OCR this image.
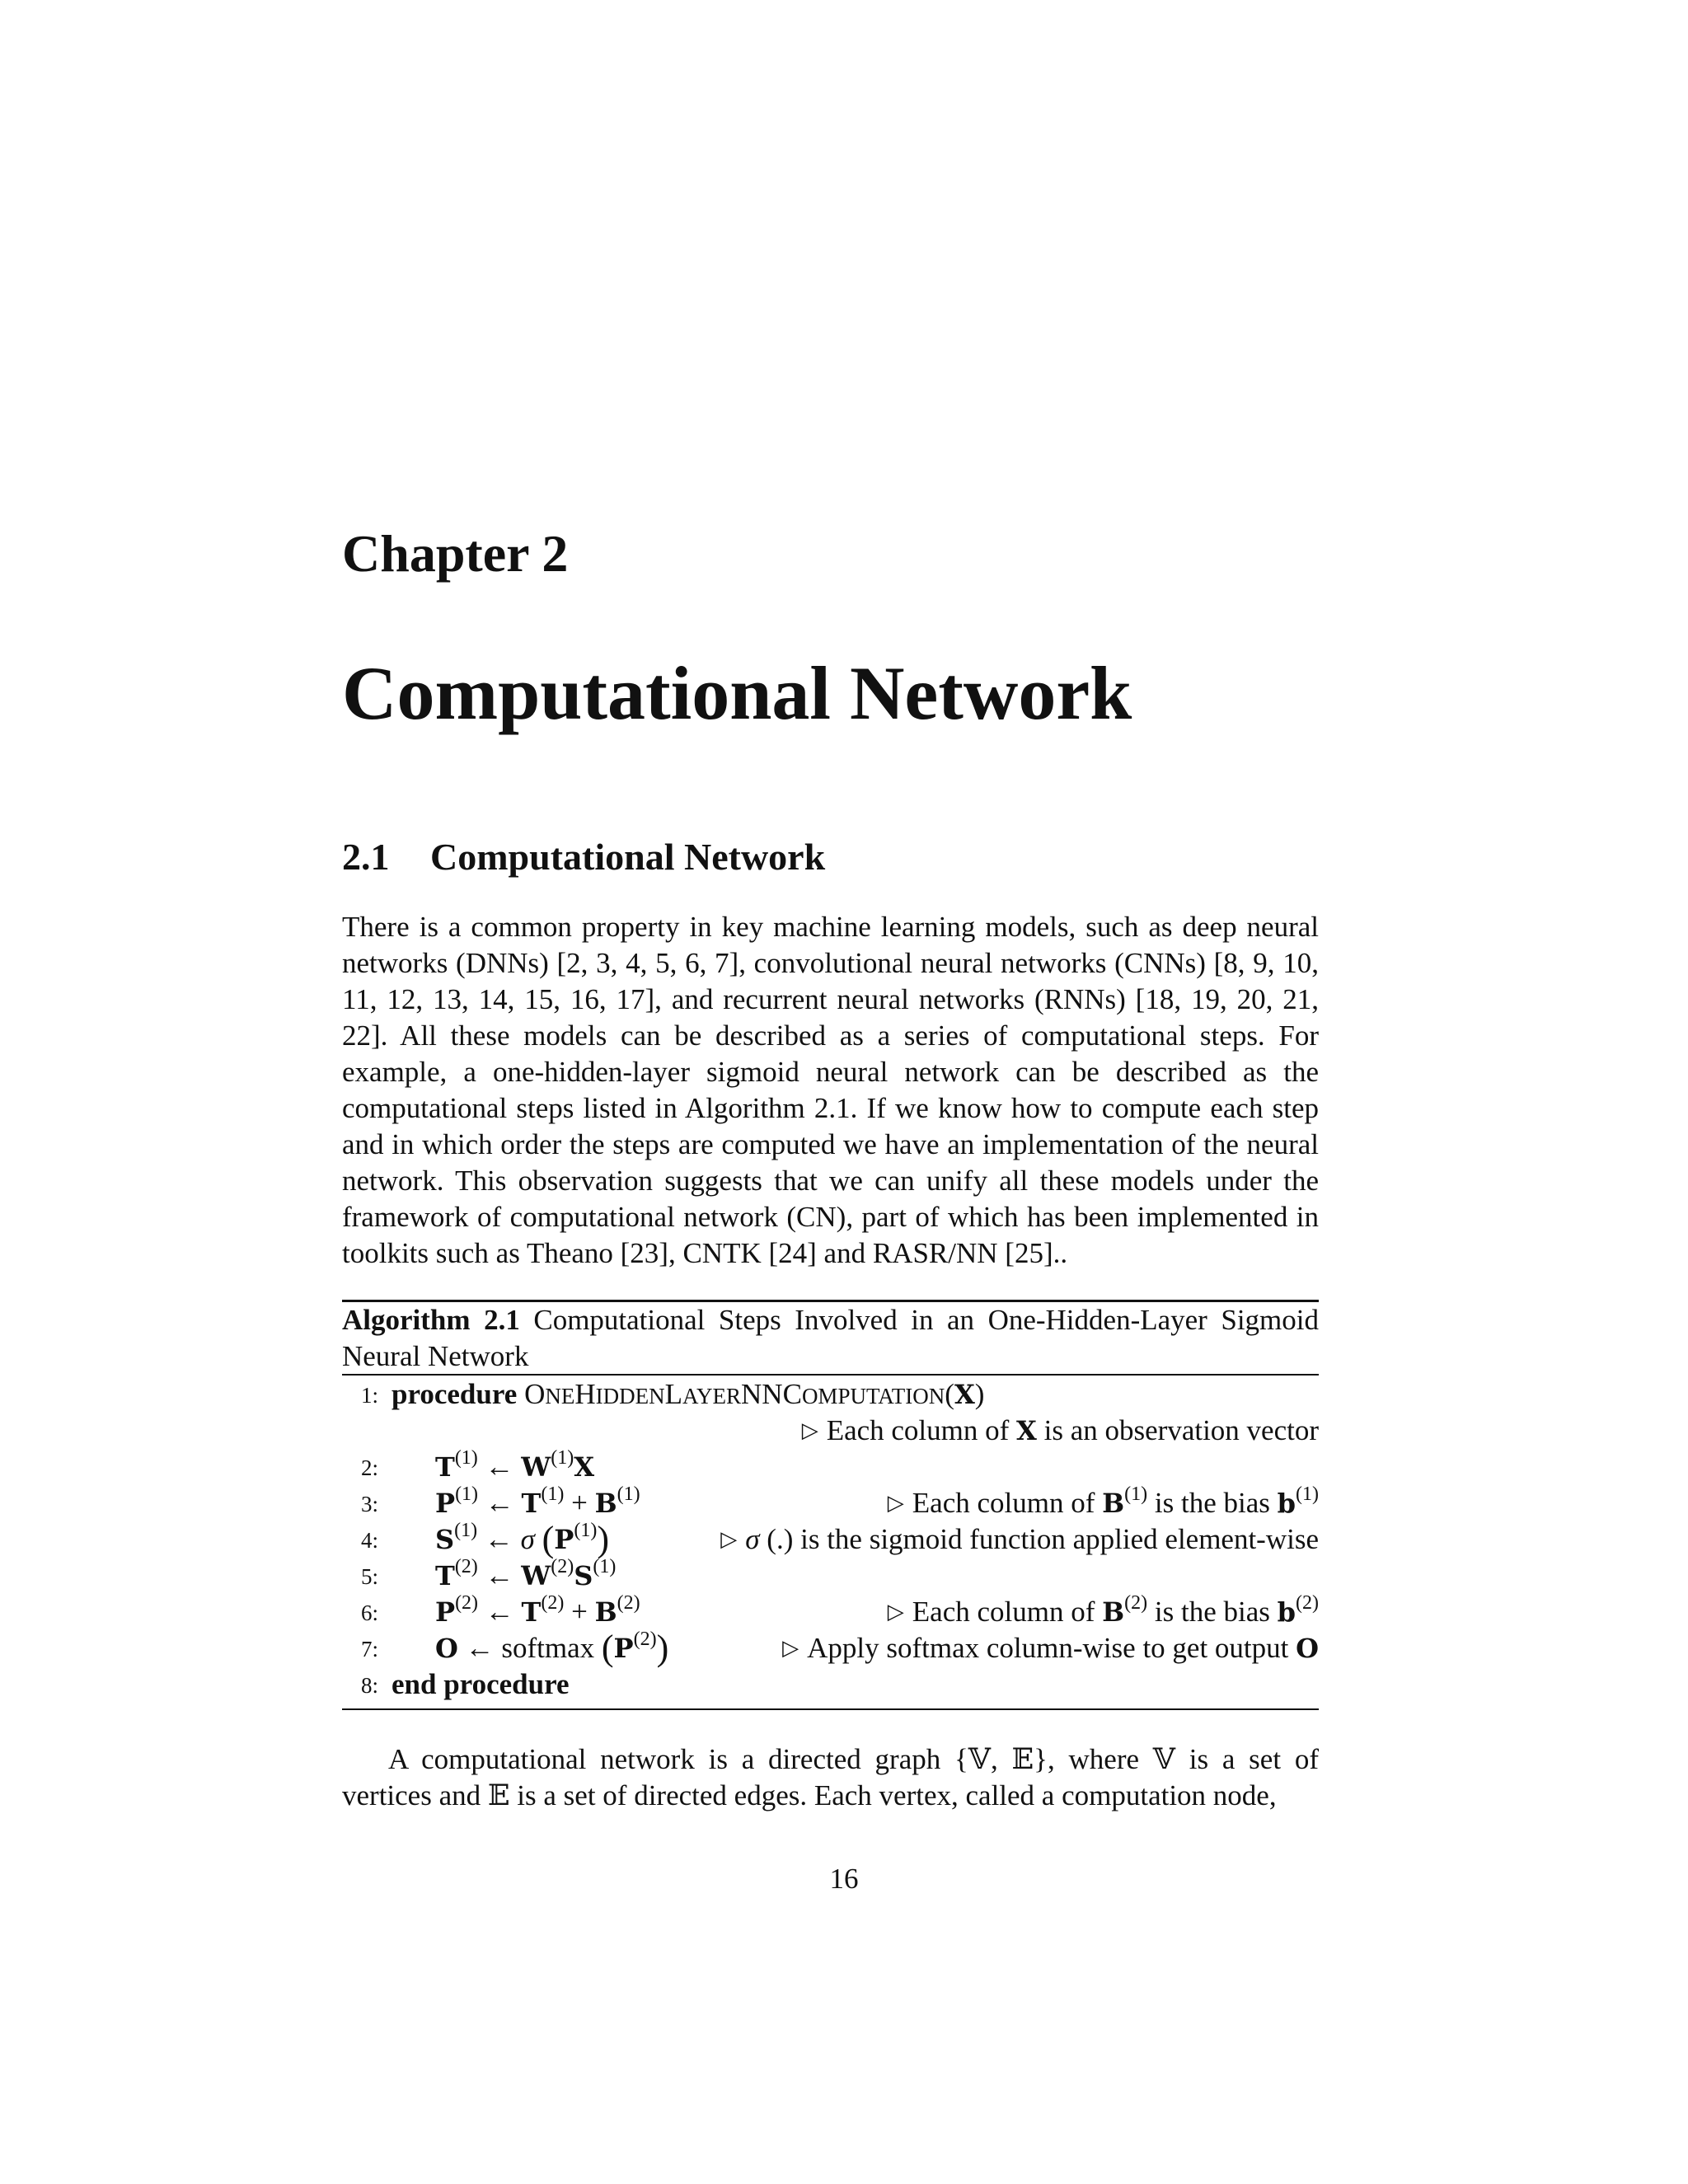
Chapter 2
Computational Network
2.1 Computational Network

There is a common property in key machine learning models, such as deep neural networks (DNNs) [2, 3, 4, 5, 6, 7], convolutional neural networks (CNNs) [8, 9, 10, 11, 12, 13, 14, 15, 16, 17], and recurrent neural networks (RNNs) [18, 19, 20, 21, 22]. All these models can be described as a series of computational steps. For example, a one-hidden-layer sigmoid neural network can be described as the computational steps listed in Algorithm 2.1. If we know how to compute each step and in which order the steps are computed we have an implementation of the neural network. This observation suggests that we can unify all these models under the framework of computational network (CN), part of which has been implemented in toolkits such as Theano [23], CNTK [24] and RASR/NN [25]..

Algorithm 2.1 Computational Steps Involved in an One-Hidden-Layer Sigmoid Neural Network
1: procedure ONEHIDDENLAYERNNCOMPUTATION(X)
▷ Each column of X is an observation vector
2: $T^{(1)}$ ← $W^{(1)}X$
3: $P^{(1)}$ ← $T^{(1)} + B^{(1)}$	▷ Each column of $B^{(1)}$ is the bias $b^{(1)}$
4: $S^{(1)}$ ← σ $(P^{(1)})$	▷ σ (.) is the sigmoid function applied element-wise
5: $T^{(2)}$ ← $W^{(2)}S^{(1)}$
6: $P^{(2)}$ ← $T^{(2)} + B^{(2)}$	▷ Each column of $B^{(2)}$ is the bias $b^{(2)}$
7: O ← softmax $(P^{(2)})$	▷ Apply softmax column-wise to get output O
8: end procedure

A computational network is a directed graph {𝕍, 𝔼}, where 𝕍 is a set of vertices and 𝔼 is a set of directed edges. Each vertex, called a computation node,

16
